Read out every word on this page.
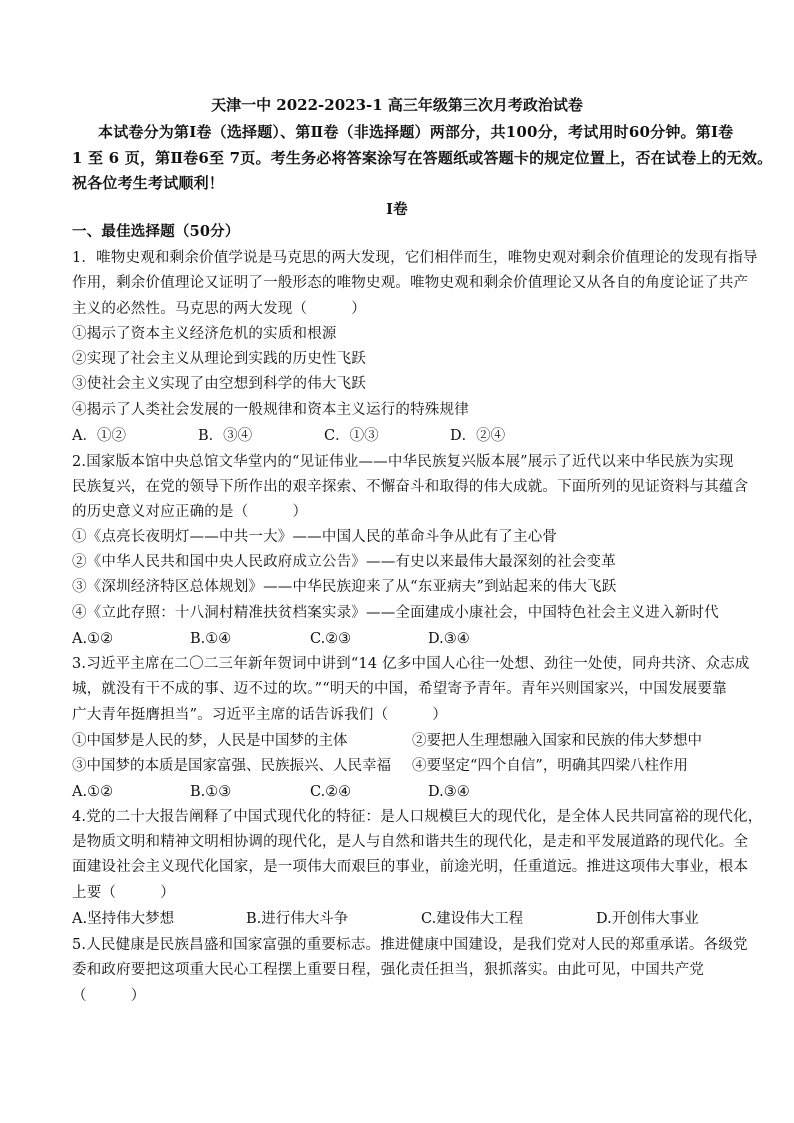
天津一中 2022-2023-1 高三年级第三次月考政治试卷
本试卷分为第Ⅰ卷（选择题）、第Ⅱ卷（非选择题）两部分，共100分，考试用时60分钟。第Ⅰ卷
1 至 6 页，第Ⅱ卷6至 7页。考生务必将答案涂写在答题纸或答题卡的规定位置上，否在试卷上的无效。
祝各位考生考试顺利！
Ⅰ卷
一、最佳选择题（50分）
1．唯物史观和剩余价值学说是马克思的两大发现，它们相伴而生，唯物史观对剩余价值理论的发现有指导
作用，剩余价值理论又证明了一般形态的唯物史观。唯物史观和剩余价值理论又从各自的角度论证了共产
主义的必然性。马克思的两大发现（　　　）
①揭示了资本主义经济危机的实质和根源
②实现了社会主义从理论到实践的历史性飞跃
③使社会主义实现了由空想到科学的伟大飞跃
④揭示了人类社会发展的一般规律和资本主义运行的特殊规律
A．①②	B．③④	C．①③	D．②④
2.国家版本馆中央总馆文华堂内的“见证伟业——中华民族复兴版本展”展示了近代以来中华民族为实现
民族复兴，在党的领导下所作出的艰辛探索、不懈奋斗和取得的伟大成就。下面所列的见证资料与其蕴含
的历史意义对应正确的是（　　　）
①《点亮长夜明灯——中共一大》——中国人民的革命斗争从此有了主心骨
②《中华人民共和国中央人民政府成立公告》——有史以来最伟大最深刻的社会变革
③《深圳经济特区总体规划》——中华民族迎来了从“东亚病夫”到站起来的伟大飞跃
④《立此存照：十八洞村精准扶贫档案实录》——全面建成小康社会，中国特色社会主义进入新时代
A.①②	B.①④	C.②③	D.③④
3.习近平主席在二〇二三年新年贺词中讲到“14 亿多中国人心往一处想、劲往一处使，同舟共济、众志成
城，就没有干不成的事、迈不过的坎。”“明天的中国，希望寄予青年。青年兴则国家兴，中国发展要靠
广大青年挺膺担当”。习近平主席的话告诉我们（　　　）
①中国梦是人民的梦，人民是中国梦的主体	②要把人生理想融入国家和民族的伟大梦想中
③中国梦的本质是国家富强、民族振兴、人民幸福 ④要坚定“四个自信”，明确其四梁八柱作用
A.①②	B.①③	C.②④	D.③④
4.党的二十大报告阐释了中国式现代化的特征：是人口规模巨大的现代化，是全体人民共同富裕的现代化，
是物质文明和精神文明相协调的现代化，是人与自然和谐共生的现代化，是走和平发展道路的现代化。全
面建设社会主义现代化国家，是一项伟大而艰巨的事业，前途光明，任重道远。推进这项伟大事业，根本
上要（　　　）
A.坚持伟大梦想	B.进行伟大斗争	C.建设伟大工程	D.开创伟大事业
5.人民健康是民族昌盛和国家富强的重要标志。推进健康中国建设，是我们党对人民的郑重承诺。各级党
委和政府要把这项重大民心工程摆上重要日程，强化责任担当，狠抓落实。由此可见，中国共产党
（　　　）
